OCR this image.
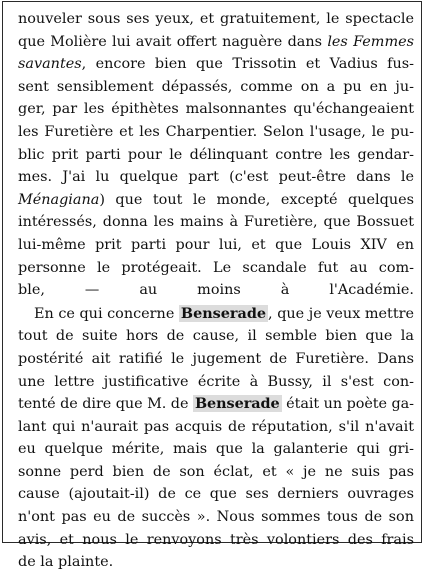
nouveler sous ses yeux, et gratuitement, le spectacle
que Molière lui avait offert naguère dans les Femmes
savantes, encore bien que Trissotin et Vadius fus-
sent sensiblement dépassés, comme on a pu en ju-
ger, par les épithètes malsonnantes qu'échangeaient
les Furetière et les Charpentier. Selon l'usage, le pu-
blic prit parti pour le délinquant contre les gendar-
mes. J'ai lu quelque part (c'est peut-être dans le
Ménagiana) que tout le monde, excepté quelques
intéressés, donna les mains à Furetière, que Bossuet
lui-même prit parti pour lui, et que Louis XIV en
personne le protégeait. Le scandale fut au com-
ble, — au moins à l'Académie.
En ce qui concerne Benserade , que je veux mettre
tout de suite hors de cause, il semble bien que la
postérité ait ratifié le jugement de Furetière. Dans
une lettre justificative écrite à Bussy, il s'est con-
tenté de dire que M. de Benserade était un poète ga-
lant qui n'aurait pas acquis de réputation, s'il n'avait
eu quelque mérite, mais que la galanterie qui gri-
sonne perd bien de son éclat, et « je ne suis pas
cause (ajoutait-il) de ce que ses derniers ouvrages
n'ont pas eu de succès ». Nous sommes tous de son
avis, et nous le renvoyons très volontiers des frais
de la plainte.
